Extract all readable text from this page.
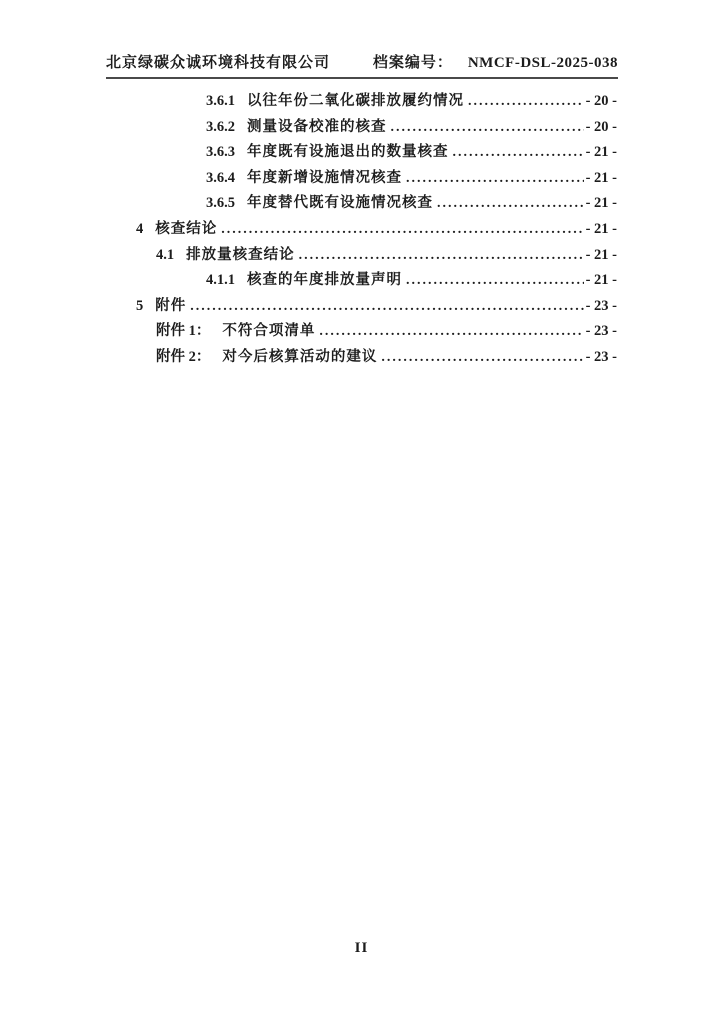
北京绿碳众诚环境科技有限公司	档案编号： NMCF-DSL-2025-038
3.6.1 以往年份二氧化碳排放履约情况 .....	- 20 -
3.6.2 测量设备校准的核查 .....	- 20 -
3.6.3 年度既有设施退出的数量核查 .....	- 21 -
3.6.4 年度新增设施情况核查 .....	- 21 -
3.6.5 年度替代既有设施情况核查 .....	- 21 -
4 核查结论 .....	- 21 -
4.1 排放量核查结论 .....	- 21 -
4.1.1 核查的年度排放量声明 .....	- 21 -
5 附件 .....	- 23 -
附件 1： 不符合项清单 .....	- 23 -
附件 2： 对今后核算活动的建议 .....	- 23 -
II
